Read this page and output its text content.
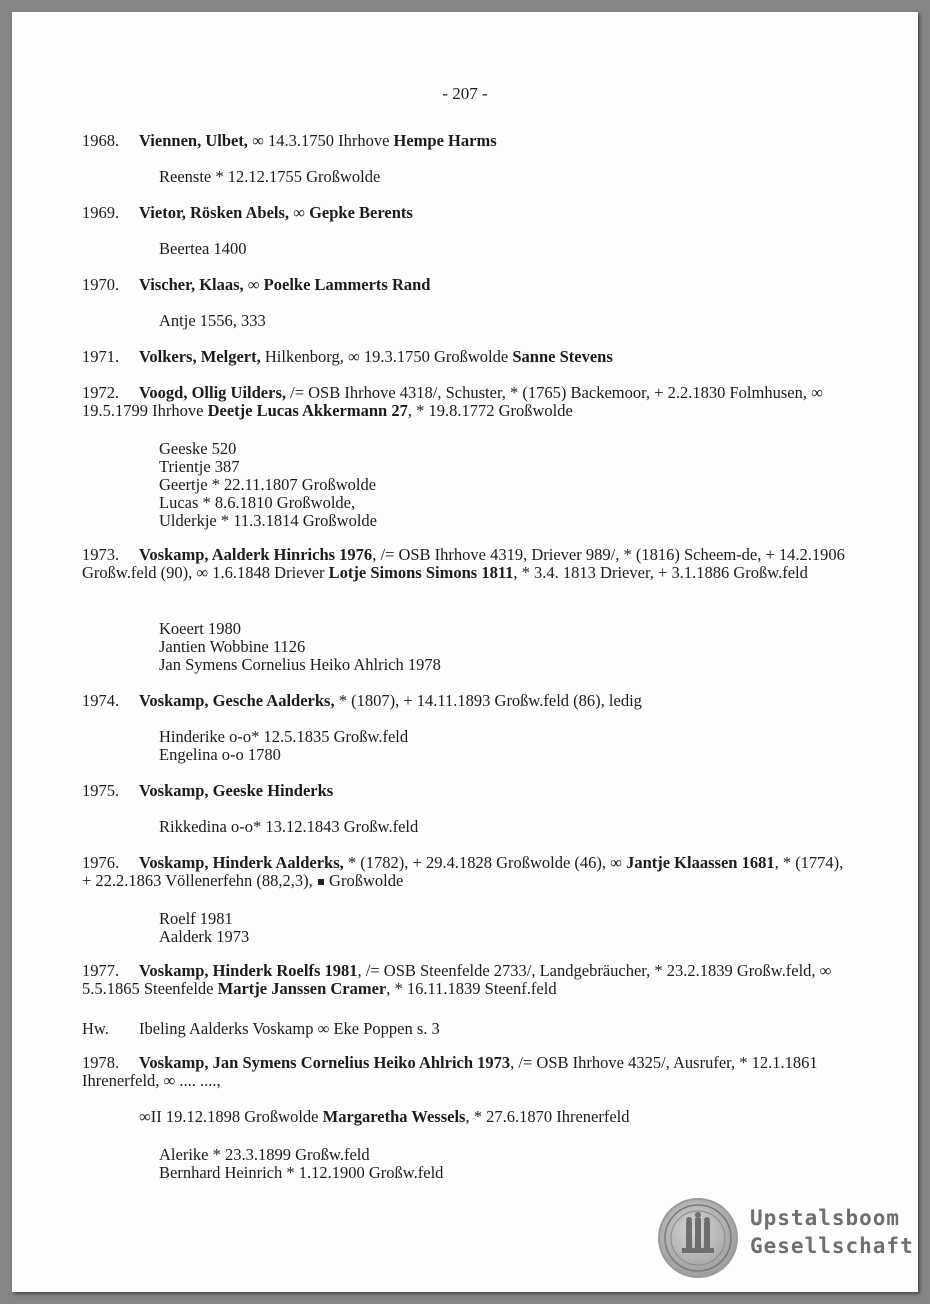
- 207 -
1968. Viennen, Ulbet, ∞ 14.3.1750 Ihrhove Hempe Harms
Reenste * 12.12.1755 Großwolde
1969. Vietor, Rösken Abels, ∞ Gepke Berents
Beertea 1400
1970. Vischer, Klaas, ∞ Poelke Lammerts Rand
Antje 1556, 333
1971. Volkers, Melgert, Hilkenborg, ∞ 19.3.1750 Großwolde Sanne Stevens
1972.	Voogd, Ollig Uilders, /= OSB Ihrhove 4318/, Schuster, * (1765) Backemoor, + 2.2.1830 Folmhusen, ∞ 19.5.1799 Ihrhove Deetje Lucas Akkermann 27, * 19.8.1772 Großwolde
Geeske 520
Trientje 387
Geertje * 22.11.1807 Großwolde
Lucas * 8.6.1810 Großwolde,
Ulderkje * 11.3.1814 Großwolde
1973.	Voskamp, Aalderk Hinrichs 1976, /= OSB Ihrhove 4319, Driever 989/, * (1816) Scheem-de, + 14.2.1906 Großw.feld (90), ∞ 1.6.1848 Driever Lotje Simons Simons 1811, * 3.4. 1813 Driever, + 3.1.1886 Großw.feld
Koeert 1980
Jantien Wobbine 1126
Jan Symens Cornelius Heiko Ahlrich 1978
1974. Voskamp, Gesche Aalderks, * (1807), + 14.11.1893 Großw.feld (86), ledig
Hinderike o-o* 12.5.1835 Großw.feld
Engelina o-o 1780
1975. Voskamp, Geeske Hinderks
Rikkedina o-o* 13.12.1843 Großw.feld
1976.	Voskamp, Hinderk Aalderks, * (1782), + 29.4.1828 Großwolde (46), ∞ Jantje Klaassen 1681, * (1774), + 22.2.1863 Völlenerfehn (88,2,3),  Großwolde
Roelf 1981
Aalderk 1973
1977.	Voskamp, Hinderk Roelfs 1981, /= OSB Steenfelde 2733/, Landgebräucher, * 23.2.1839 Großw.feld, ∞ 5.5.1865 Steenfelde Martje Janssen Cramer, * 16.11.1839 Steenf.feld
Hw. Ibeling Aalderks Voskamp ∞ Eke Poppen s. 3
1978.	Voskamp, Jan Symens Cornelius Heiko Ahlrich 1973, /= OSB Ihrhove 4325/, Ausrufer, * 12.1.1861 Ihrenerfeld, ∞ .... ....,
∞II 19.12.1898 Großwolde Margaretha Wessels, * 27.6.1870 Ihrenerfeld
Alerike * 23.3.1899 Großw.feld
Bernhard Heinrich * 1.12.1900 Großw.feld
Upstalsboom
Gesellschaft
